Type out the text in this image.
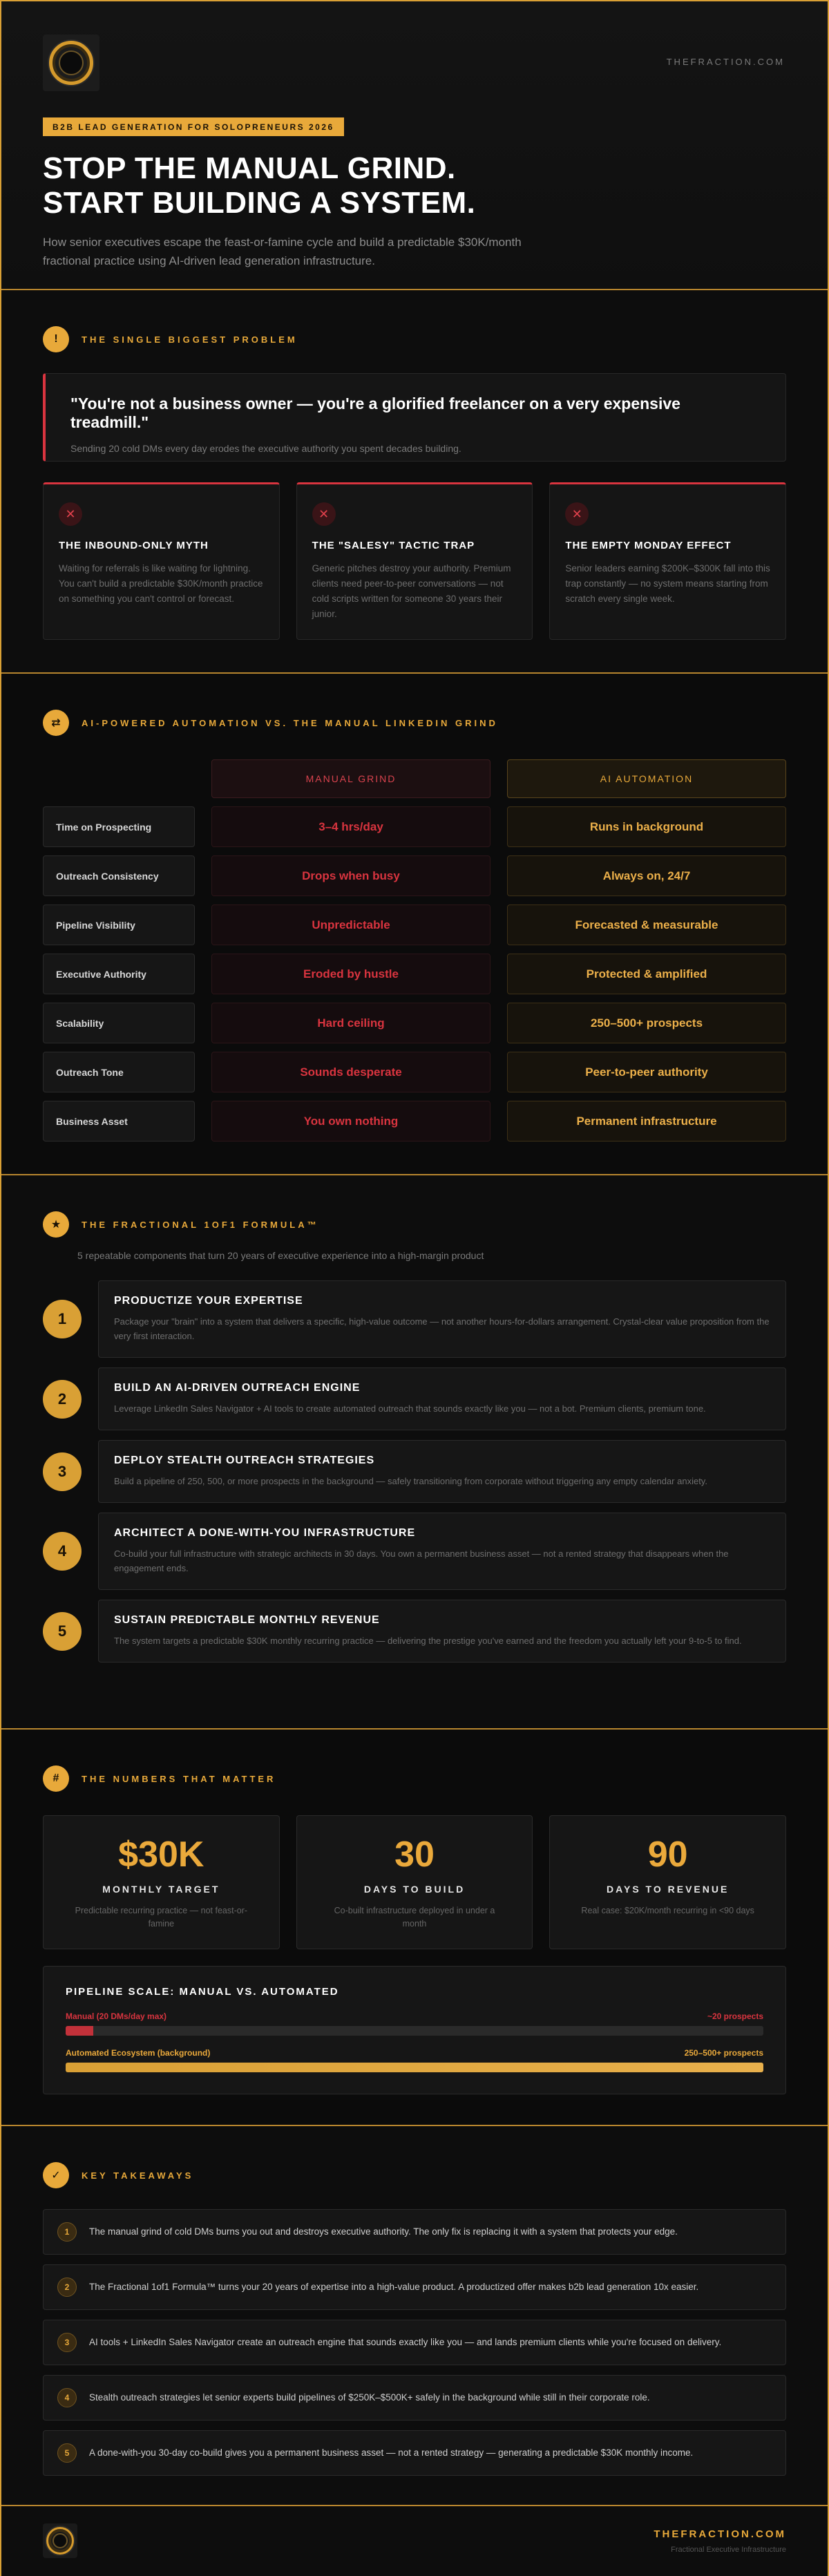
THEFRACTION.COM
B2B LEAD GENERATION FOR SOLOPRENEURS 2026
STOP THE MANUAL GRIND.
START BUILDING A SYSTEM.

How senior executives escape the feast-or-famine cycle and build a predictable $30K/month fractional practice using AI-driven lead generation infrastructure.

!	THE SINGLE BIGGEST PROBLEM
"You're not a business owner — you're a glorified freelancer on a very expensive treadmill."
Sending 20 cold DMs every day erodes the executive authority you spent decades building.
✕
THE INBOUND-ONLY MYTH

Waiting for referrals is like waiting for lightning. You can't build a predictable $30K/month practice on something you can't control or forecast.

✕
THE "SALESY" TACTIC TRAP

Generic pitches destroy your authority. Premium clients need peer-to-peer conversations — not cold scripts written for someone 30 years their junior.

✕
THE EMPTY MONDAY EFFECT

Senior leaders earning $200K–$300K fall into this trap constantly — no system means starting from scratch every single week.

⇄	AI-POWERED AUTOMATION VS. THE MANUAL LINKEDIN GRIND
MANUAL GRIND	AI AUTOMATION
Time on Prospecting	3–4 hrs/day	Runs in background
Outreach Consistency	Drops when busy	Always on, 24/7
Pipeline Visibility	Unpredictable	Forecasted & measurable
Executive Authority	Eroded by hustle	Protected & amplified
Scalability	Hard ceiling	250–500+ prospects
Outreach Tone	Sounds desperate	Peer-to-peer authority
Business Asset	You own nothing	Permanent infrastructure
★	THE FRACTIONAL 1OF1 FORMULA™
5 repeatable components that turn 20 years of executive experience into a high-margin product
1
PRODUCTIZE YOUR EXPERTISE

Package your "brain" into a system that delivers a specific, high-value outcome — not another hours-for-dollars arrangement. Crystal-clear value proposition from the very first interaction.

2
BUILD AN AI-DRIVEN OUTREACH ENGINE

Leverage LinkedIn Sales Navigator + AI tools to create automated outreach that sounds exactly like you — not a bot. Premium clients, premium tone.

3
DEPLOY STEALTH OUTREACH STRATEGIES

Build a pipeline of 250, 500, or more prospects in the background — safely transitioning from corporate without triggering any empty calendar anxiety.

4
ARCHITECT A DONE-WITH-YOU INFRASTRUCTURE

Co-build your full infrastructure with strategic architects in 30 days. You own a permanent business asset — not a rented strategy that disappears when the engagement ends.

5
SUSTAIN PREDICTABLE MONTHLY REVENUE

The system targets a predictable $30K monthly recurring practice — delivering the prestige you've earned and the freedom you actually left your 9-to-5 to find.

#	THE NUMBERS THAT MATTER
$30K
MONTHLY TARGET
Predictable recurring practice — not feast-or-famine
30
DAYS TO BUILD
Co-built infrastructure deployed in under a month
90
DAYS TO REVENUE
Real case: $20K/month recurring in <90 days
PIPELINE SCALE: MANUAL VS. AUTOMATED
Manual (20 DMs/day max)	~20 prospects
Automated Ecosystem (background)	250–500+ prospects
✓	KEY TAKEAWAYS
1	The manual grind of cold DMs burns you out and destroys executive authority. The only fix is replacing it with a system that protects your edge.
2	The Fractional 1of1 Formula™ turns your 20 years of expertise into a high-value product. A productized offer makes b2b lead generation 10x easier.
3	AI tools + LinkedIn Sales Navigator create an outreach engine that sounds exactly like you — and lands premium clients while you're focused on delivery.
4	Stealth outreach strategies let senior experts build pipelines of $250K–$500K+ safely in the background while still in their corporate role.
5	A done-with-you 30-day co-build gives you a permanent business asset — not a rented strategy — generating a predictable $30K monthly income.
THEFRACTION.COM
Fractional Executive Infrastructure
